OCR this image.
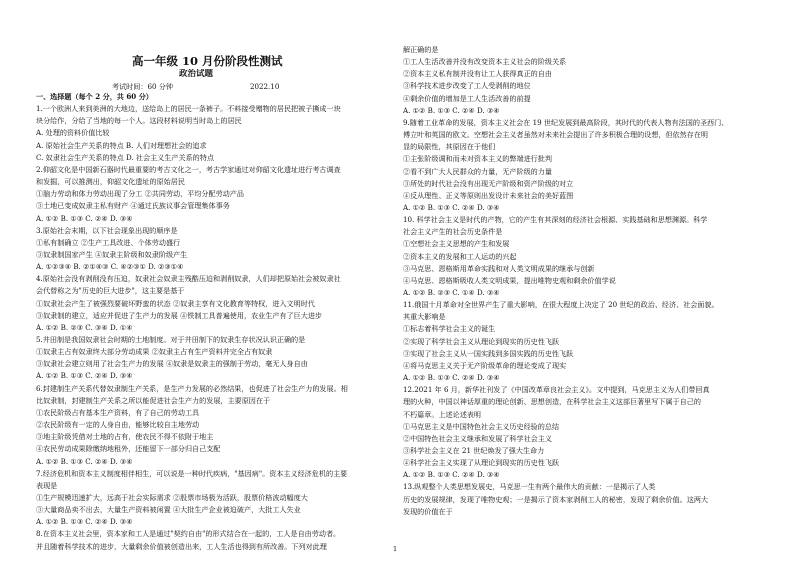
高一年级 10 月份阶段性测试
政治试题
考试时间：60 分钟	2022.10
一、选择题（每个 2 分，共 60 分）
1.一个欧洲人来到美洲的大地边，送给岛上的居民一条裤子。不料接受赠物的居民把被子撕成一块
块分给作，分给了当地的每一个人。这段材料说明当时岛上的居民
A. 处理的资料价值比较
A. 原始社会生产关系的特点 B. 人们对理想社会的追求
C. 奴隶社会生产关系的特点 D. 社会主义生产关系的特点
2.仰韶文化是中国新石器时代最重要的考古文化之一，考古学家通过对仰韶文化遗址进行考古调查
和发掘，可以推测出，仰韶文化遗址的原始居民
①脑力劳动和体力劳动出现了分工 ②共同劳动，平均分配劳动产品
③土地已变成奴隶主私有财产 ④通过氏族议事会管理集体事务
A. ①② B. ①③ C. ②④ D. ③④
3.原始社会末期，以下社会现象出现的顺序是
①私有制确立 ②生产工具改进、个体劳动盛行
③奴隶制国家产生 ④奴隶主阶级和奴隶阶级产生
A. ①②③④ B. ②①④③ C. ④②③① D. ②③①④
4.原始社会没有剥削没有压迫，奴隶社会奴隶主残酷压迫和剥削奴隶，人们却把原始社会被奴隶社
会代替称之为"历史的巨大进步"，这主要是基于
①奴隶社会产生了被强烈要破坏野蛮的状态 ②奴隶主享有文化教育等特权，进入文明时代
③奴隶制的建立，适应并促进了生产力的发展 ④铁制工具普遍使用，农业生产有了巨大进步
A. ①② B. ②③ C. ③④ D. ①④
5.井田制是我国奴隶社会时期的土地制度。对于井田制下的奴隶生存状况认识正确的是
①奴隶主占有奴隶终大部分劳动成果 ②奴隶主占有生产资料并完全占有奴隶
③奴隶社会建立则用了社会生产力的发展 ④奴隶是奴隶主的强制于劳动，毫无人身自由
A. ①② B. ①③ C. ②④ D. ③④
6.封建制生产关系代替奴隶制生产关系，是生产力发展的必然结果，也促进了社会生产力的发展。相
比奴隶制，封建制生产关系之所以能促进社会生产力的发展，主要原因在于
①农民阶级占有基本生产资料，有了自己的劳动工具
②农民阶级有一定的人身自由，能够比较自主地劳动
③地主阶级凭借对土地的占有，使农民不得不依附于地主
④农民劳动成果除缴纳地租外，还能留下一部分归自己支配
A. ①② B. ①③ C. ②④ D. ③④
7.经济危机和资本主义制度相伴相生，可以说是一种时代疾病，"基因病"。资本主义经济危机的主要
表现是
①生产规模迅速扩大，远高于社会实际需求 ②股票市场极为活跃，股票价格波动幅度大
③大量商品卖不出去，大量生产资料被闲置 ④大批生产企业被迫破产，大批工人失业
A. ①② B. ①③ C. ②④ D. ③④
8.在资本主义社会里，资本家和工人是通过"契约自由"的形式结合在一起的，工人是自由劳动者。
并且随着科学技术的进步，大量剩余价值被创造出来，工人生活也得到有所改善。下列对此理
解正确的是
①工人生活改善并没有改变资本主义社会的阶级关系
②资本主义私有制并没有让工人获得真正的自由
③科学技术进步改变了工人受剥削的地位
④剩余价值的增加是工人生活改善的前提
A. ①② B. ①③ C. ②④ D. ③④
9.随着工业革命的发展，资本主义社会在 19 世纪发展到最高阶段，其时代的代表人物有法国的圣西门、
傅立叶和英国的欧文。空想社会主义者虽然对未来社会提出了许多积极合理的设想，但依然存在明
显的局限性，其原因在于他们
①主张阶级调和而未对资本主义的弊端进行批判
②看不到广大人民群众的力量，无产阶级的力量
③所处的时代社会没有出现无产阶级和资产阶级的对立
④反从理性、正义等原则出发设计未来社会的美好蓝图
A. ①② B. ①③ C. ②④ D. ③④
10. 科学社会主义是时代的产物，它的产生有其深刻的经济社会根源、实践基础和思想渊源。科学
社会主义产生的社会历史条件是
①空想社会主义思想的产生和发展
②资本主义的发展和工人运动的兴起
③马克思、恩格斯用革命实践和对人类文明成果的继承与创新
④马克思、恩格斯吸收人类文明成果，提出唯物史观和剩余价值学说
A. ①② B. ②③ C. ①④ D. ③④
11.俄国十月革命对全世界产生了重大影响，在很大程度上决定了 20 世纪的政治、经济、社会面貌。
其重大影响是
①标志着科学社会主义的诞生
②实现了科学社会主义从理论到现实的历史性飞跃
③实现了社会主义从一国实践到多国实践的历史性飞跃
④将马克思主义关于无产阶级革命的理论变成了现实
A. ①② B. ①③ C. ②④ D. ③④
12.2021 年 6 月，新华社刊发了《中国改革章良社会主义》。文中提到，马克思主义为人们带回真
理的火种，中国以神话厚重的理论创新、思想创造，在科学社会主义这部巨著里写下属于自己的
不朽篇章。上述论述表明
①马克思主义是中国特色社会主义历史经验的总结
②中国特色社会主义继承和发展了科学社会主义
③科学社会主义在 21 世纪焕发了强大生命力
④科学社会主义实现了从理论到现实的历史性飞跃
A. ①② B. ①③ C. ②④ D. ③④
13.纵观整个人类思想发展史，马克思一生有两个最伟大的贡献：一是揭示了人类
历史的发展规律，发现了唯物史观；一是揭示了资本家剥削工人的秘密，发现了剩余价值。这两大
发现的价值在于
1
